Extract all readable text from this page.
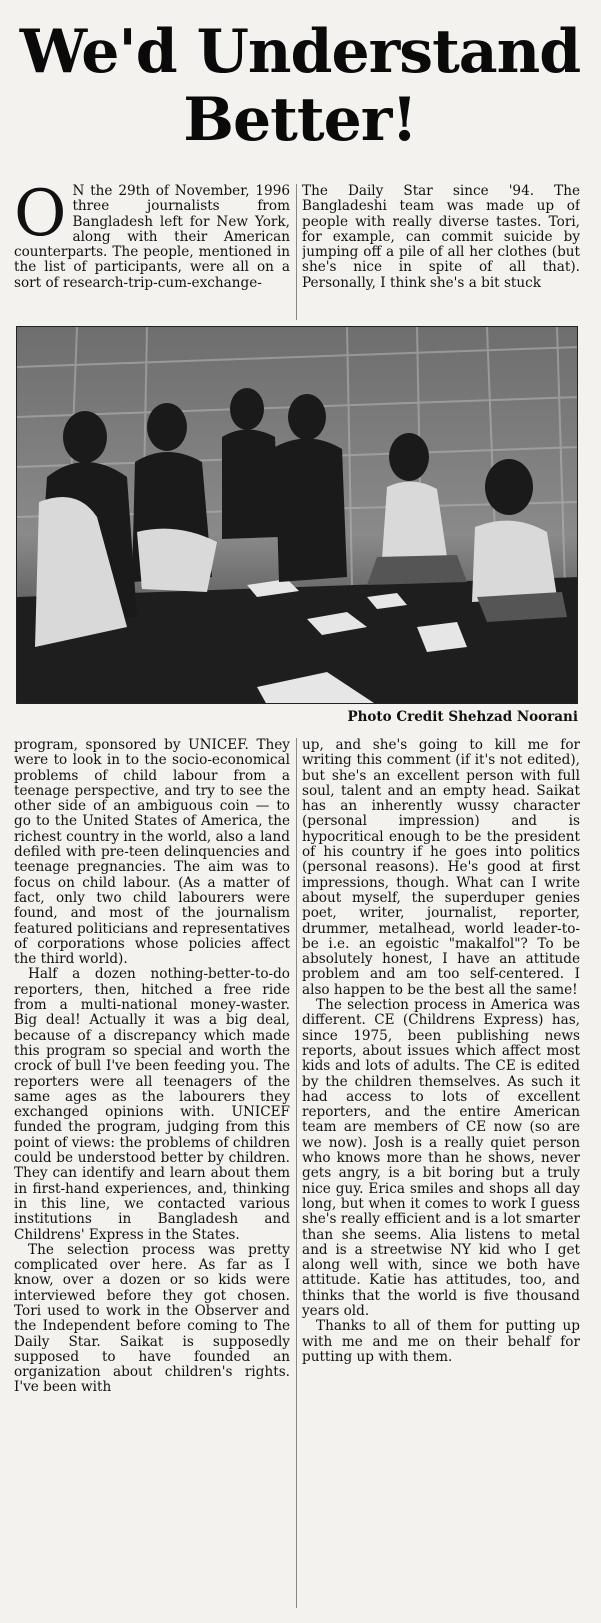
We'd Understand
Better!

O N the 29th of November, 1996 three journalists from Bangladesh left for New York, along with their American counterparts. The people, mentioned in the list of participants, were all on a sort of research-trip-cum-exchange-

The Daily Star since '94. The Bangladeshi team was made up of people with really diverse tastes. Tori, for example, can commit suicide by jumping off a pile of all her clothes (but she's nice in spite of all that). Personally, I think she's a bit stuck

Photo Credit Shehzad Noorani

program, sponsored by UNICEF. They were to look in to the socio-economical problems of child labour from a teenage perspective, and try to see the other side of an ambiguous coin — to go to the United States of America, the richest country in the world, also a land defiled with pre-teen delinquencies and teenage pregnancies. The aim was to focus on child labour. (As a matter of fact, only two child labourers were found, and most of the journalism featured politicians and representatives of corporations whose policies affect the third world).

Half a dozen nothing-better-to-do reporters, then, hitched a free ride from a multi-national money-waster. Big deal! Actually it was a big deal, because of a discrepancy which made this program so special and worth the crock of bull I've been feeding you. The reporters were all teenagers of the same ages as the labourers they exchanged opinions with. UNICEF funded the program, judging from this point of views: the problems of children could be understood better by children. They can identify and learn about them in first-hand experiences, and, thinking in this line, we contacted various institutions in Bangladesh and Childrens' Express in the States.

The selection process was pretty complicated over here. As far as I know, over a dozen or so kids were interviewed before they got chosen. Tori used to work in the Observer and the Independent before coming to The Daily Star. Saikat is supposedly supposed to have founded an organization about children's rights. I've been with

up, and she's going to kill me for writing this comment (if it's not edited), but she's an excellent person with full soul, talent and an empty head. Saikat has an inherently wussy character (personal impression) and is hypocritical enough to be the president of his country if he goes into politics (personal reasons). He's good at first impressions, though. What can I write about myself, the superduper genies poet, writer, journalist, reporter, drummer, metalhead, world leader-to-be i.e. an egoistic "makalfol"? To be absolutely honest, I have an attitude problem and am too self-centered. I also happen to be the best all the same!

The selection process in America was different. CE (Childrens Express) has, since 1975, been publishing news reports, about issues which affect most kids and lots of adults. The CE is edited by the children themselves. As such it had access to lots of excellent reporters, and the entire American team are members of CE now (so are we now). Josh is a really quiet person who knows more than he shows, never gets angry, is a bit boring but a truly nice guy. Erica smiles and shops all day long, but when it comes to work I guess she's really efficient and is a lot smarter than she seems. Alia listens to metal and is a streetwise NY kid who I get along well with, since we both have attitude. Katie has attitudes, too, and thinks that the world is five thousand years old.

Thanks to all of them for putting up with me and me on their behalf for putting up with them.
